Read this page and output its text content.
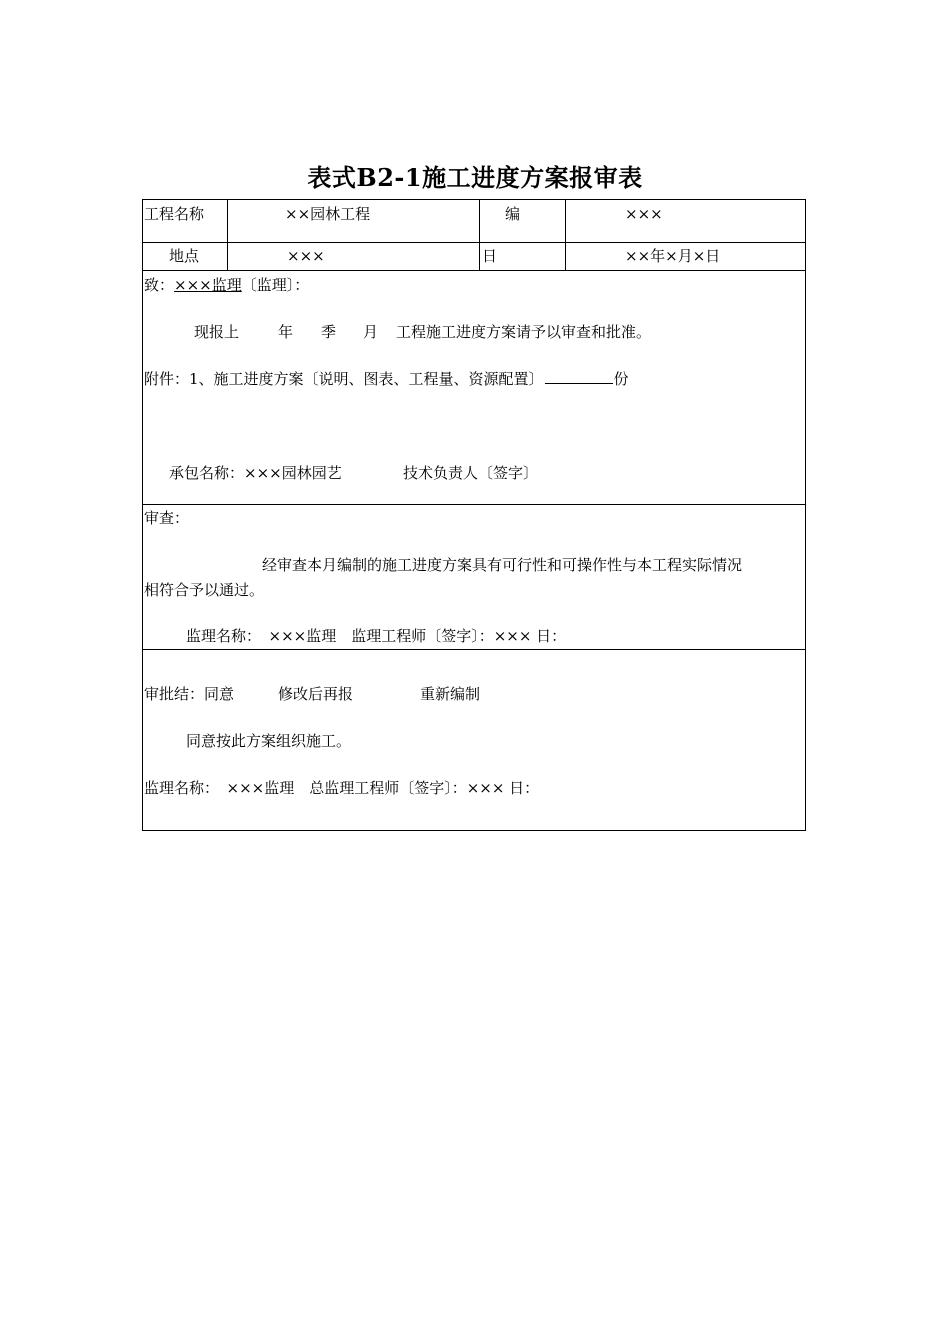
表式B2-1施工进度方案报审表
工程名称	××园林工程	编	×××
地点	×××	日	××年×月×日
致：×××监理〔监理〕：
现报上	年 季 月 工程施工进度方案请予以审查和批准。
附件：1、施工进度方案〔说明、图表、工程量、资源配置〕	份
承包名称：×××园林园艺	技术负责人〔签字〕
审查：
经审查本月编制的施工进度方案具有可行性和可操作性与本工程实际情况
相符合予以通过。
监理名称：　×××监理　监理工程师〔签字〕：××× 日：
审批结：同意	修改后再报	重新编制
同意按此方案组织施工。
监理名称：　×××监理　总监理工程师〔签字〕：××× 日：
